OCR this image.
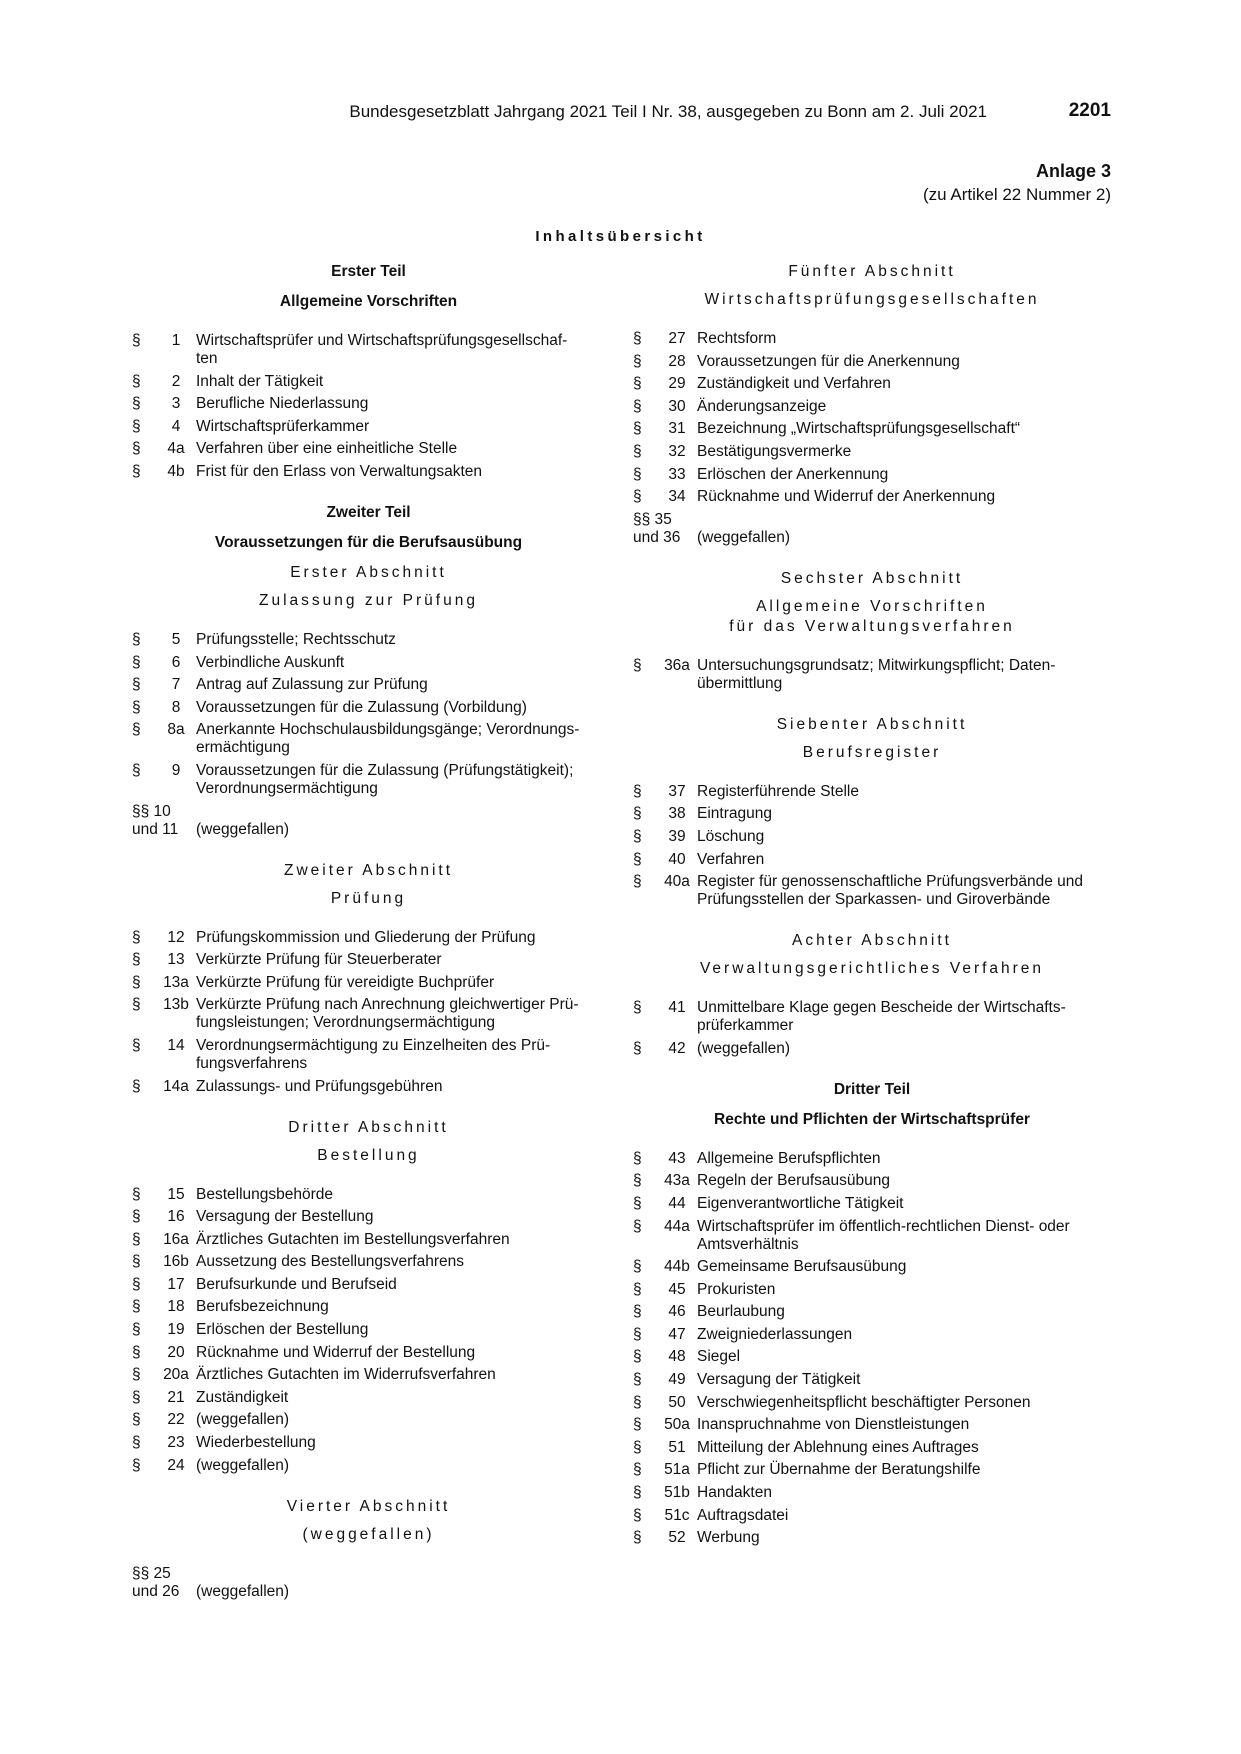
Bundesgesetzblatt Jahrgang 2021 Teil I Nr. 38, ausgegeben zu Bonn am 2. Juli 2021	2201
Anlage 3
(zu Artikel 22 Nummer 2)
Inhaltsübersicht
Erster Teil
Allgemeine Vorschriften
§	1	Wirtschaftsprüfer und Wirtschaftsprüfungsgesellschaf-
ten
§	2	Inhalt der Tätigkeit
§	3	Berufliche Niederlassung
§	4	Wirtschaftsprüferkammer
§	4a Verfahren über eine einheitliche Stelle
§	4b Frist für den Erlass von Verwaltungsakten
Zweiter Teil
Voraussetzungen für die Berufsausübung
Erster Abschnitt
Zulassung zur Prüfung
§	5	Prüfungsstelle; Rechtsschutz
§	6	Verbindliche Auskunft
§	7	Antrag auf Zulassung zur Prüfung
§	8	Voraussetzungen für die Zulassung (Vorbildung)
§	8a Anerkannte Hochschulausbildungsgänge; Verordnungs-
ermächtigung
§	9	Voraussetzungen für die Zulassung (Prüfungstätigkeit);
Verordnungsermächtigung
§§ 10
und 11	(weggefallen)
Zweiter Abschnitt
Prüfung
§	12 Prüfungskommission und Gliederung der Prüfung
§	13 Verkürzte Prüfung für Steuerberater
§	13a Verkürzte Prüfung für vereidigte Buchprüfer
§	13b Verkürzte Prüfung nach Anrechnung gleichwertiger Prü-
fungsleistungen; Verordnungsermächtigung
§	14 Verordnungsermächtigung zu Einzelheiten des Prü-
fungsverfahrens
§	14a Zulassungs- und Prüfungsgebühren
Dritter Abschnitt
Bestellung
§	15 Bestellungsbehörde
§	16 Versagung der Bestellung
§	16a Ärztliches Gutachten im Bestellungsverfahren
§	16b Aussetzung des Bestellungsverfahrens
§	17 Berufsurkunde und Berufseid
§	18 Berufsbezeichnung
§	19 Erlöschen der Bestellung
§	20 Rücknahme und Widerruf der Bestellung
§	20a Ärztliches Gutachten im Widerrufsverfahren
§	21 Zuständigkeit
§	22 (weggefallen)
§	23 Wiederbestellung
§	24 (weggefallen)
Vierter Abschnitt
(weggefallen)
§§ 25
und 26	(weggefallen)
Fünfter Abschnitt
Wirtschaftsprüfungsgesellschaften
§	27 Rechtsform
§	28 Voraussetzungen für die Anerkennung
§	29 Zuständigkeit und Verfahren
§	30 Änderungsanzeige
§	31 Bezeichnung „Wirtschaftsprüfungsgesellschaft“
§	32 Bestätigungsvermerke
§	33 Erlöschen der Anerkennung
§	34 Rücknahme und Widerruf der Anerkennung
§§ 35
und 36	(weggefallen)
Sechster Abschnitt
Allgemeine Vorschriften
für das Verwaltungsverfahren
§	36a Untersuchungsgrundsatz; Mitwirkungspflicht; Daten-
übermittlung
Siebenter Abschnitt
Berufsregister
§	37 Registerführende Stelle
§	38 Eintragung
§	39 Löschung
§	40 Verfahren
§	40a Register für genossenschaftliche Prüfungsverbände und
Prüfungsstellen der Sparkassen- und Giroverbände
Achter Abschnitt
Verwaltungsgerichtliches Verfahren
§	41 Unmittelbare Klage gegen Bescheide der Wirtschafts-
prüferkammer
§	42 (weggefallen)
Dritter Teil
Rechte und Pflichten der Wirtschaftsprüfer
§	43 Allgemeine Berufspflichten
§	43a Regeln der Berufsausübung
§	44 Eigenverantwortliche Tätigkeit
§	44a Wirtschaftsprüfer im öffentlich-rechtlichen Dienst- oder
Amtsverhältnis
§	44b Gemeinsame Berufsausübung
§	45 Prokuristen
§	46 Beurlaubung
§	47 Zweigniederlassungen
§	48 Siegel
§	49 Versagung der Tätigkeit
§	50 Verschwiegenheitspflicht beschäftigter Personen
§	50a Inanspruchnahme von Dienstleistungen
§	51 Mitteilung der Ablehnung eines Auftrages
§	51a Pflicht zur Übernahme der Beratungshilfe
§	51b Handakten
§	51c Auftragsdatei
§	52 Werbung
